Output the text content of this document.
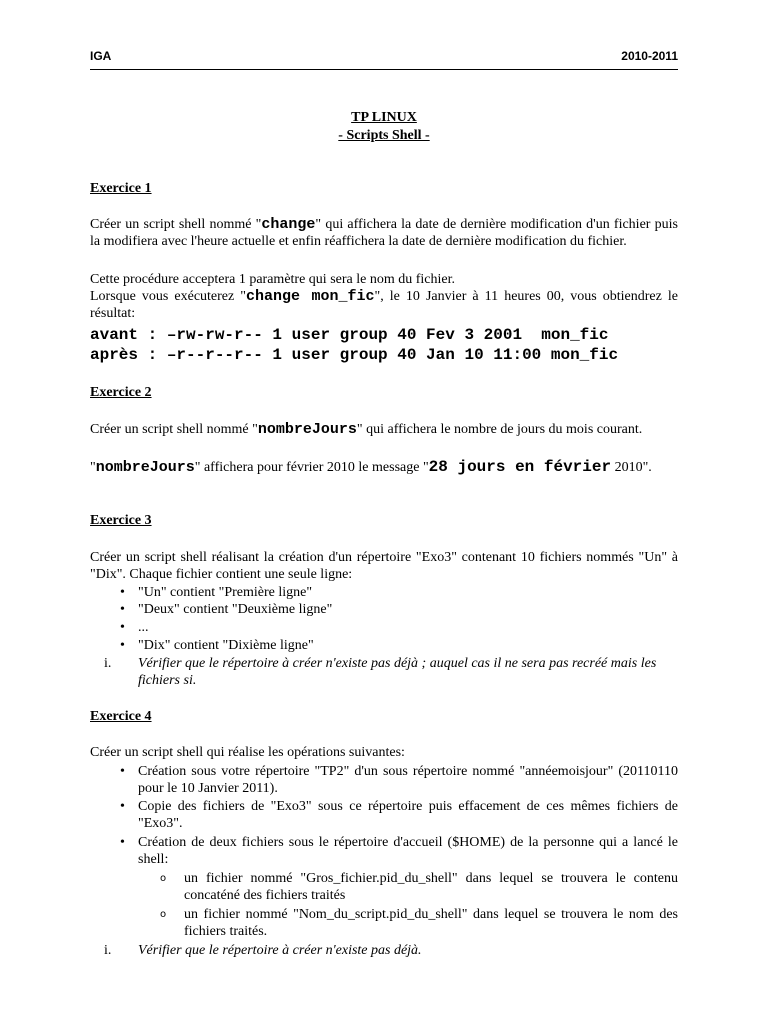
IGA	2010-2011
TP LINUX
- Scripts Shell -
Exercice 1
Créer un script shell nommé "change" qui affichera la date de dernière modification d'un fichier puis la modifiera avec l'heure actuelle et enfin réaffichera la date de dernière modification du fichier.
Cette procédure acceptera 1 paramètre qui sera le nom du fichier.
Lorsque vous exécuterez "change mon_fic", le 10 Janvier à 11 heures 00, vous obtiendrez le résultat:
avant : –rw-rw-r-- 1 user group 40 Fev 3 2001  mon_fic
après : –r--r--r-- 1 user group 40 Jan 10 11:00 mon_fic
Exercice 2
Créer un script shell nommé "nombreJours" qui affichera le nombre de jours du mois courant.
"nombreJours" affichera pour février 2010 le message "28 jours en février 2010".
Exercice 3
Créer un script shell réalisant la création d'un répertoire "Exo3" contenant 10 fichiers nommés "Un" à "Dix". Chaque fichier contient une seule ligne:
• "Un" contient "Première ligne"
• "Deux" contient "Deuxième ligne"
• ...
• "Dix" contient "Dixième ligne"
i.	Vérifier que le répertoire à créer n'existe pas déjà ; auquel cas il ne sera pas recréé mais les fichiers si.
Exercice 4
Créer un script shell qui réalise les opérations suivantes:
• Création sous votre répertoire "TP2" d'un sous répertoire nommé "annéemoisjour" (20110110 pour le 10 Janvier 2011).
• Copie des fichiers de "Exo3" sous ce répertoire puis effacement de ces mêmes fichiers de "Exo3".
• Création de deux fichiers sous le répertoire d'accueil ($HOME) de la personne qui a lancé le shell:
o	un fichier nommé "Gros_fichier.pid_du_shell" dans lequel se trouvera le contenu concaténé des fichiers traités
o	un fichier nommé "Nom_du_script.pid_du_shell" dans lequel se trouvera le nom des fichiers traités.
i.	Vérifier que le répertoire à créer n'existe pas déjà.
